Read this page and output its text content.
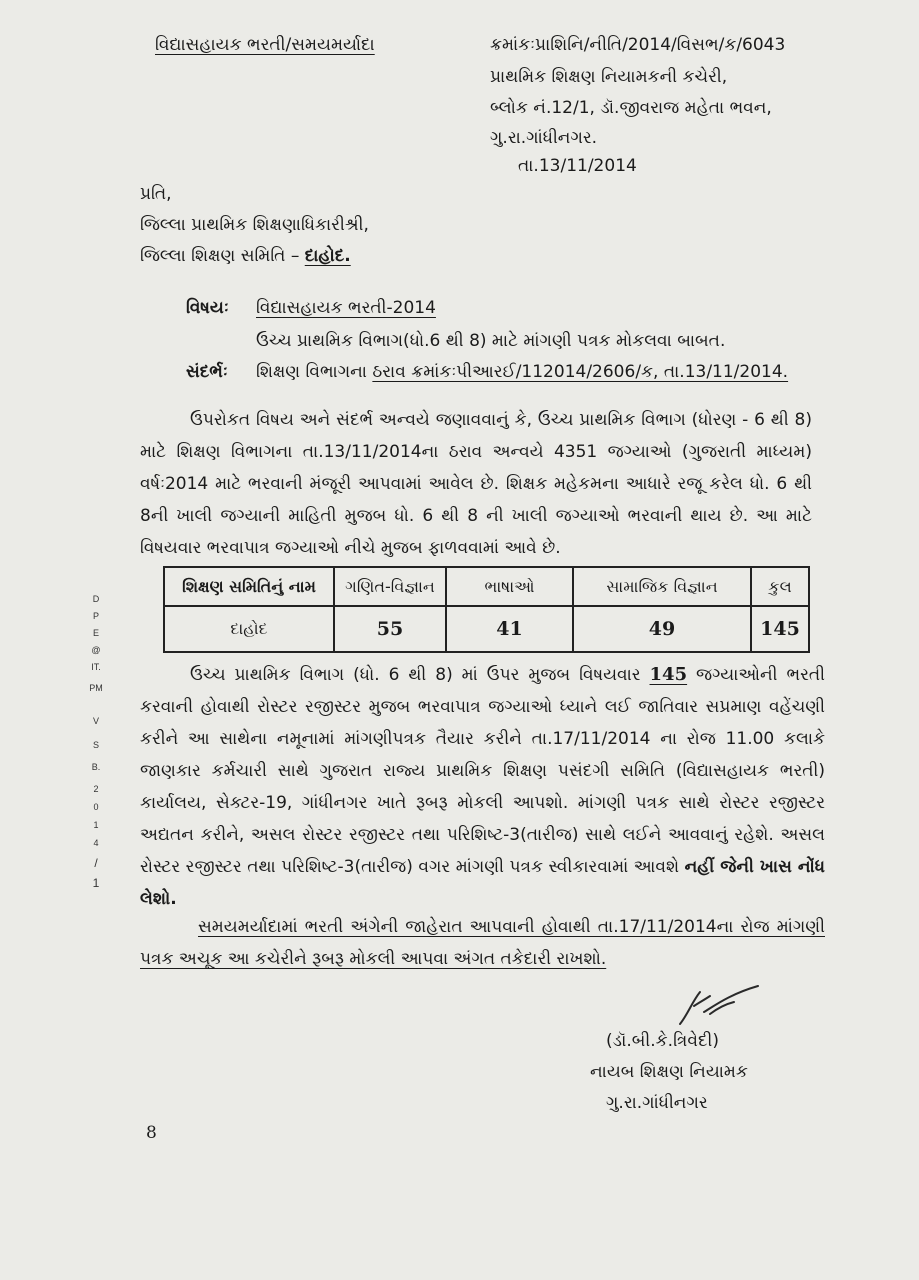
વિદ્યાસહાયક ભરતી/સમયમર્યાદા	ક્રમાંકઃપ્રાશિનિ/નીતિ/2014/વિસભ/ક/6043
પ્રાથમિક શિક્ષણ નિયામકની કચેરી,
બ્લોક નં.12/1, ડૉ.જીવરાજ મહેતા ભવન,
ગુ.રા.ગાંધીનગર.
તા.13/11/2014
પ્રતિ,
જિલ્લા પ્રાથમિક શિક્ષણાધિકારીશ્રી,
જિલ્લા શિક્ષણ સમિતિ – દાહોદ.
વિષયઃ વિદ્યાસહાયક ભરતી-2014
ઉચ્ચ પ્રાથમિક વિભાગ(ધો.6 થી 8) માટે માંગણી પત્રક મોકલવા બાબત.
સંદર્ભઃ શિક્ષણ વિભાગના ઠરાવ ક્રમાંકઃપીઆરઈ/112014/2606/ક, તા.13/11/2014.
ઉપરોકત વિષય અને સંદર્ભ અન્વયે જણાવવાનું કે, ઉચ્ચ પ્રાથમિક વિભાગ (ધોરણ - 6 થી 8) માટે શિક્ષણ વિભાગના તા.13/11/2014ના ઠરાવ અન્વયે 4351 જગ્યાઓ (ગુજરાતી માધ્યમ) વર્ષઃ2014 માટે ભરવાની મંજૂરી આપવામાં આવેલ છે. શિક્ષક મહેકમના આધારે રજૂ કરેલ ધો. 6 થી 8ની ખાલી જગ્યાની માહિતી મુજબ ધો. 6 થી 8 ની ખાલી જગ્યાઓ ભરવાની થાય છે. આ માટે વિષયવાર ભરવાપાત્ર જગ્યાઓ નીચે મુજબ ફાળવવામાં આવે છે.
શિક્ષણ સમિતિનું નામ	ગણિત-વિજ્ઞાન	ભાષાઓ	સામાજિક વિજ્ઞાન	કુલ
દાહોદ	55	41	49	145
ઉચ્ચ પ્રાથમિક વિભાગ (ધો. 6 થી 8) માં ઉપર મુજબ વિષયવાર 145 જગ્યાઓની ભરતી કરવાની હોવાથી રોસ્ટર રજીસ્ટર મુજબ ભરવાપાત્ર જગ્યાઓ ધ્યાને લઈ જાતિવાર સપ્રમાણ વહેંચણી કરીને આ સાથેના નમૂનામાં માંગણીપત્રક તૈયાર કરીને તા.17/11/2014 ના રોજ 11.00 કલાકે જાણકાર કર્મચારી સાથે ગુજરાત રાજ્ય પ્રાથમિક શિક્ષણ પસંદગી સમિતિ (વિદ્યાસહાયક ભરતી) કાર્યાલય, સેક્ટર-19, ગાંધીનગર ખાતે રૂબરૂ મોકલી આપશો. માંગણી પત્રક સાથે રોસ્ટર રજીસ્ટર અદ્યતન કરીને, અસલ રોસ્ટર રજીસ્ટર તથા પરિશિષ્ટ-3(તારીજ) સાથે લઈને આવવાનું રહેશે. અસલ રોસ્ટર રજીસ્ટર તથા પરિશિષ્ટ-3(તારીજ) વગર માંગણી પત્રક સ્વીકારવામાં આવશે નહીં જેની ખાસ નોંધ લેશો.
સમયમર્યાદામાં ભરતી અંગેની જાહેરાત આપવાની હોવાથી તા.17/11/2014ના રોજ માંગણી પત્રક અચૂક આ કચેરીને રૂબરૂ મોકલી આપવા અંગત તકેદારી રાખશો.
(ડૉ.બી.કે.ત્રિવેદી)
નાયબ શિક્ષણ નિયામક
ગુ.રા.ગાંધીનગર
8
D
P
E
@
IT.
PM
V
S
B.
2
0
1
4
/
1
